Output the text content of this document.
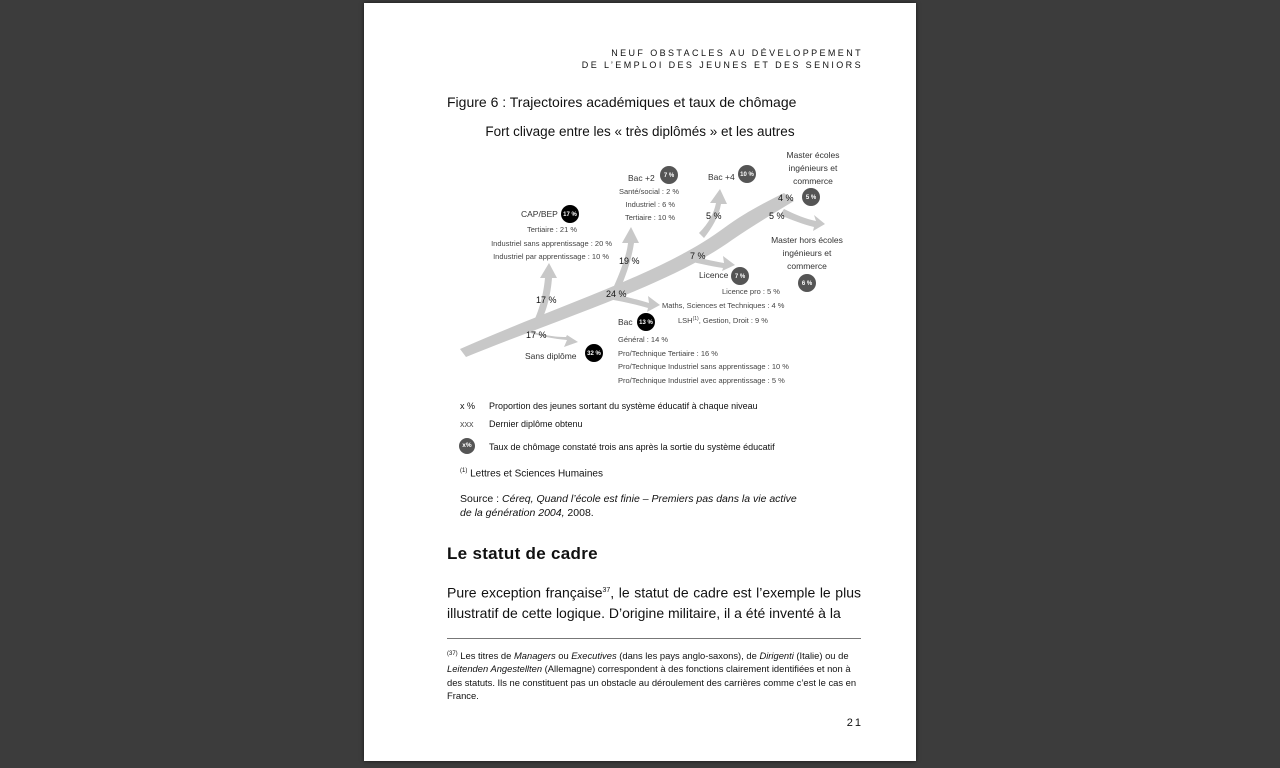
NEUF OBSTACLES AU DÉVELOPPEMENT
DE L’EMPLOI DES JEUNES ET DES SENIORS
Figure 6 : Trajectoires académiques et taux de chômage
Fort clivage entre les « très diplômés » et les autres
17 %
17 %
24 %
19 %	7 %
5 %
4 %
5 %
Sans diplôme
CAP/BEP
Bac
Bac +2
Licence
Bac +4
Master écoles
ingénieurs et
commerce
Master hors écoles
ingénieurs et
commerce
Tertiaire : 21 %
Industriel sans apprentissage : 20 %
Industriel par apprentissage : 10 %
Santé/social : 2 %
Industriel : 6 %
Tertiaire : 10 %
Licence pro : 5 %
Maths, Sciences et Techniques : 4 %
LSH$^{(1)}$, Gestion, Droit : 9 %
Général : 14 %
Pro/Technique Tertiaire : 16 %
Pro/Technique Industriel sans apprentissage : 10 %
Pro/Technique Industriel avec apprentissage : 5 %
32 %
17 %
13 %
7 %
7 %
10 %
5 %
6 %
x % Proportion des jeunes sortant du système éducatif à chaque niveau
xxx Dernier diplôme obtenu
x%	Taux de chômage constaté trois ans après la sortie du système éducatif
$^{(1)}$ Lettres et Sciences Humaines
Source : Céreq, Quand l’école est finie – Premiers pas dans la vie active
de la génération 2004, 2008.
Le statut de cadre
Pure exception française$^{37}$, le statut de cadre est l’exemple le plus illustratif de cette logique. D’origine militaire, il a été inventé à la
$^{(37)}$ Les titres de Managers ou Executives (dans les pays anglo-saxons), de Dirigenti (Italie) ou de Leitenden Angestellten (Allemagne) correspondent à des fonctions clairement identifiées et non à des statuts. Ils ne constituent pas un obstacle au déroulement des carrières comme c’est le cas en France.
21
